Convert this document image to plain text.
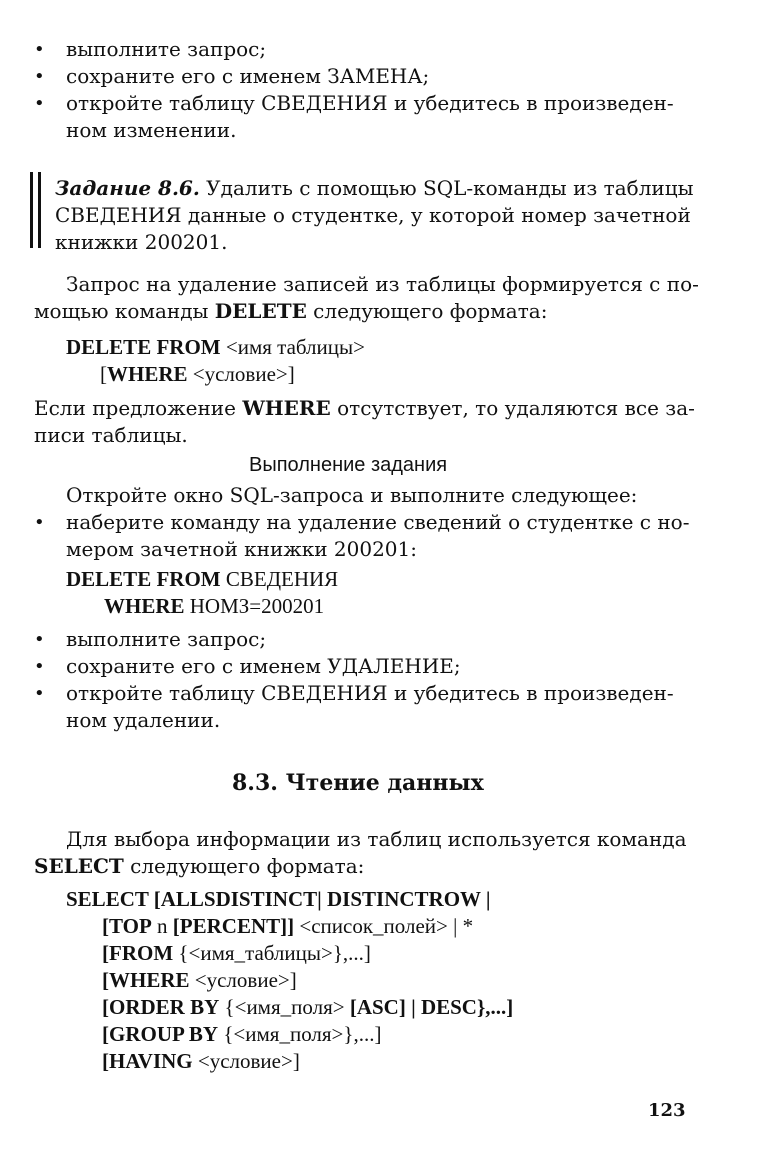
• выполните запрос;
• сохраните его с именем ЗАМЕНА;
• откройте таблицу СВЕДЕНИЯ и убедитесь в произведен-
ном изменении.
Задание 8.6. Удалить с помощью SQL-команды из таблицы
СВЕДЕНИЯ данные о студентке, у которой номер зачетной
книжки 200201.
Запрос на удаление записей из таблицы формируется с по-
мощью команды DELETE следующего формата:
DELETE FROM <имя таблицы>
[WHERE <условие>]
Если предложение WHERE отсутствует, то удаляются все за-
писи таблицы.
Выполнение задания
Откройте окно SQL-запроса и выполните следующее:
• наберите команду на удаление сведений о студентке с но-
мером зачетной книжки 200201:
DELETE FROM СВЕДЕНИЯ
WHERE НОМЗ=200201
• выполните запрос;
• сохраните его с именем УДАЛЕНИЕ;
• откройте таблицу СВЕДЕНИЯ и убедитесь в произведен-
ном удалении.
8.3. Чтение данных
Для выбора информации из таблиц используется команда
SELECT следующего формата:
SELECT [ALLSDISTINCT| DISTINCTROW |
[TOP n [PERCENT]] <список_полей> | *
[FROM {<имя_таблицы>},...]
[WHERE <условие>]
[ORDER BY {<имя_поля> [ASC] | DESC},...]
[GROUP BY {<имя_поля>},...]
[HAVING <условие>]
123
